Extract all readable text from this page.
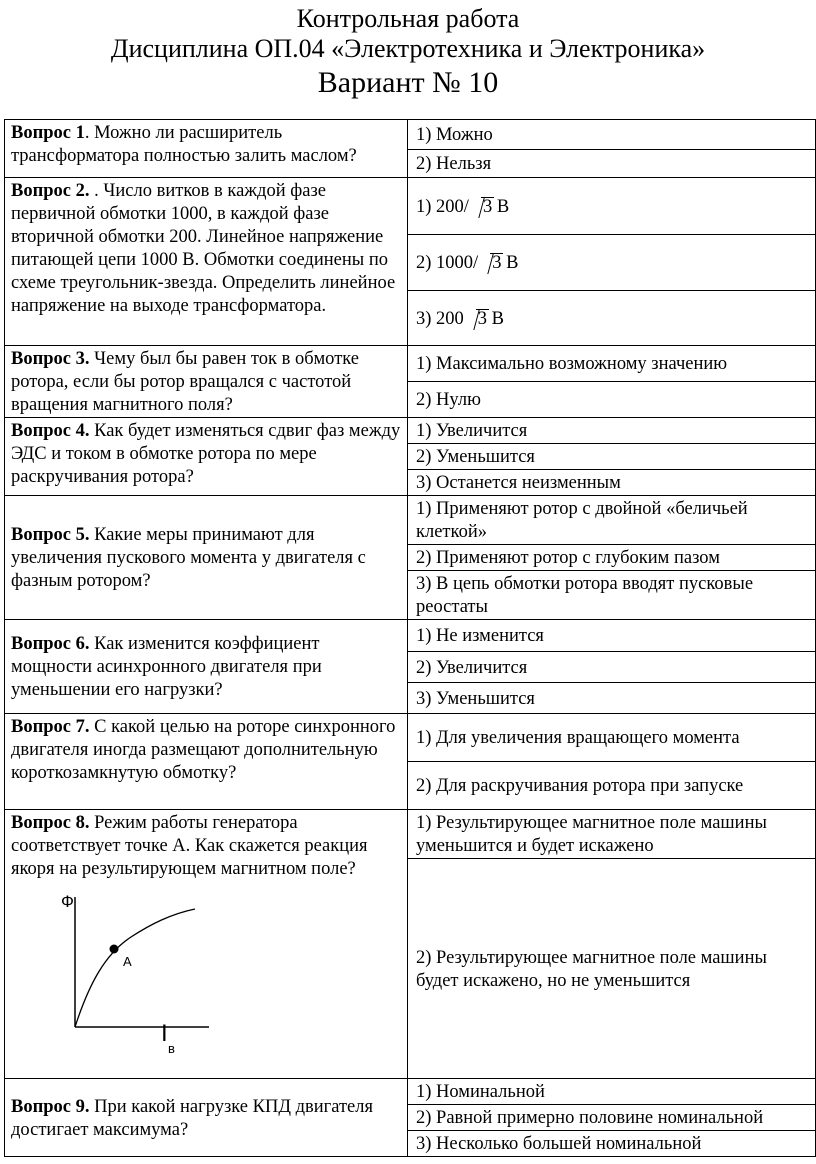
Контрольная работа
Дисциплина ОП.04 «Электротехника и Электроника»
Вариант № 10
Вопрос 1. Можно ли расширитель трансформатора полностью залить маслом?	1) Можно
	2) Нельзя
Вопрос 2. . Число витков в каждой фазе первичной обмотки 1000, в каждой фазе вторичной обмотки 200. Линейное напряжение питающей цепи 1000 В. Обмотки соединены по схеме треугольник-звезда. Определить линейное напряжение на выходе трансформатора.	1) 200/ 3 В
	2) 1000/ 3 В
	3) 200 3 В
Вопрос 3. Чему был бы равен ток в обмотке ротора, если бы ротор вращался с частотой вращения магнитного поля?	1) Максимально возможному значению
	2) Нулю
Вопрос 4. Как будет изменяться сдвиг фаз между ЭДС и током в обмотке ротора по мере раскручивания ротора?	1) Увеличится
	2) Уменьшится
	3) Останется неизменным
Вопрос 5. Какие меры принимают для увеличения пускового момента у двигателя с фазным ротором?	1) Применяют ротор с двойной «беличьей клеткой»
	2) Применяют ротор с глубоким пазом
	3) В цепь обмотки ротора вводят пусковые реостаты
Вопрос 6. Как изменится коэффициент мощности асинхронного двигателя при уменьшении его нагрузки?	1) Не изменится
	2) Увеличится
	3) Уменьшится
Вопрос 7. С какой целью на роторе синхронного двигателя иногда размещают дополнительную короткозамкнутую обмотку?	1) Для увеличения вращающего момента
	2) Для раскручивания ротора при запуске
Вопрос 8. Режим работы генератора соответствует точке А. Как скажется реакция якоря на результирующем магнитном поле?
А
Ф
I
в	1) Результирующее магнитное поле машины уменьшится и будет искажено
	2) Результирующее магнитное поле машины будет искажено, но не уменьшится
Вопрос 9. При какой нагрузке КПД двигателя достигает максимума?	1) Номинальной
	2) Равной примерно половине номинальной
	3) Несколько большей номинальной
